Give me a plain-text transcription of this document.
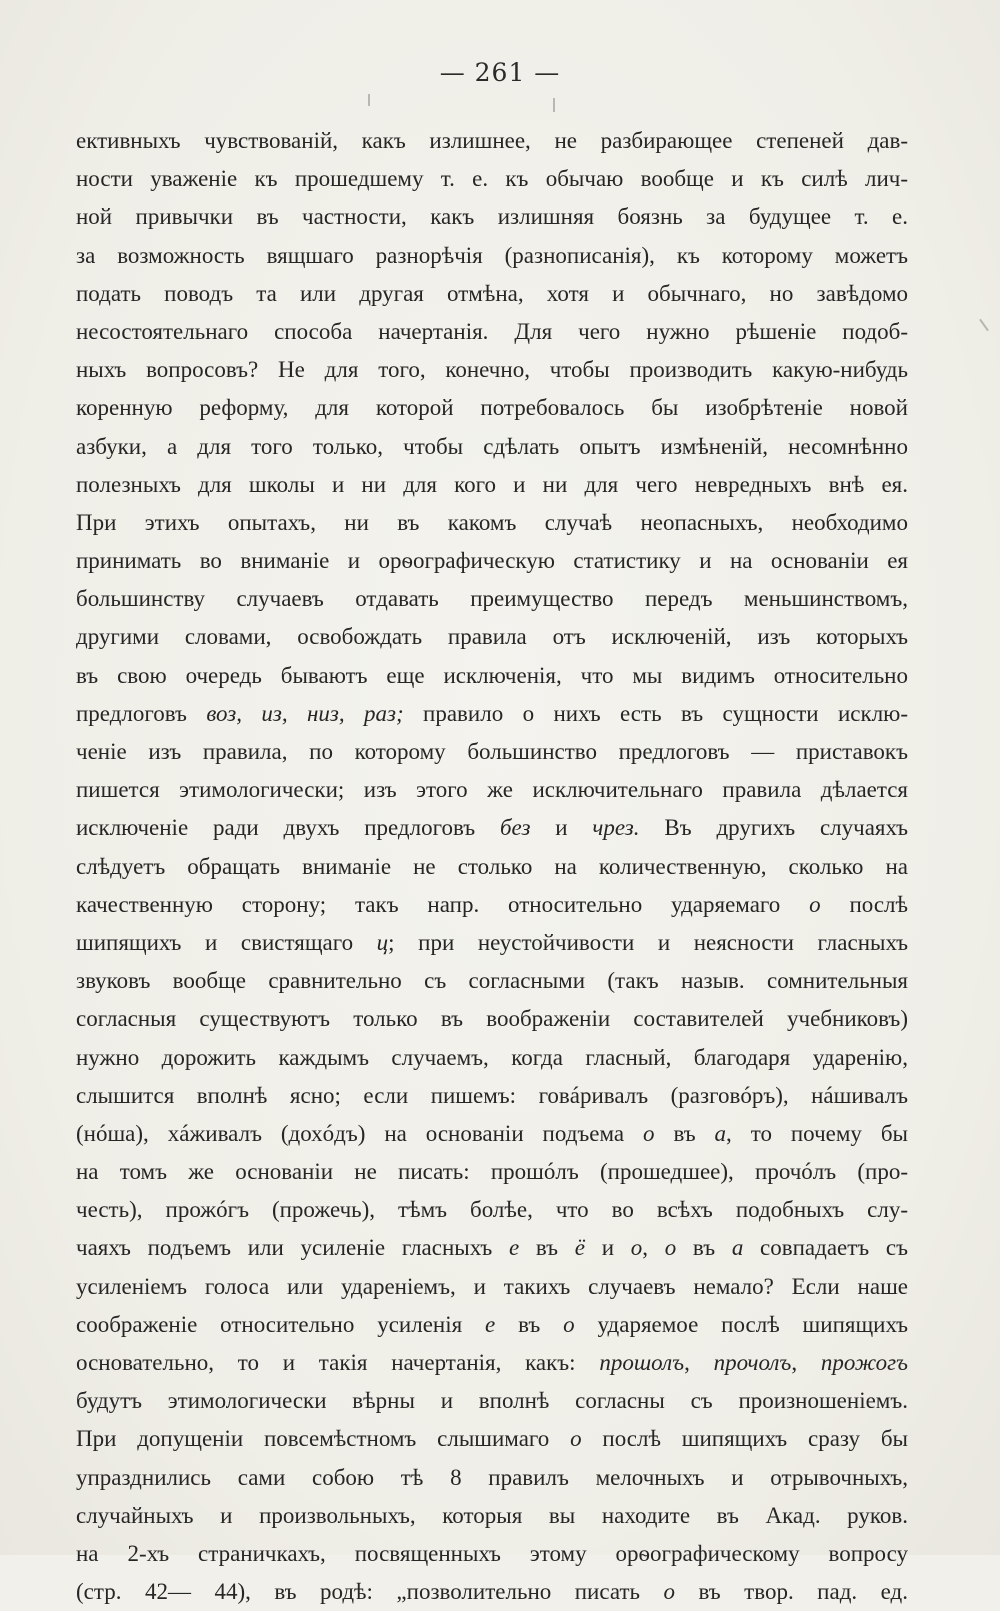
— 261 —
ективныхъ чувствованiй, какъ излишнее, не разбирающее степеней дав-
ности уваженiе къ прошедшему т. е. къ обычаю вообще и къ силѣ лич-
ной привычки въ частности, какъ излишняя боязнь за будущее т. е.
за возможность вящшаго разнорѣчiя (разнописанiя), къ которому можетъ
подать поводъ та или другая отмѣна, хотя и обычнаго, но завѣдомо
несостоятельнаго способа начертанiя. Для чего нужно рѣшенiе подоб-
ныхъ вопросовъ? Не для того, конечно, чтобы производить какую-нибудь
коренную реформу, для которой потребовалось бы изобрѣтенiе новой
азбуки, а для того только, чтобы сдѣлать опытъ измѣненiй, несомнѣнно
полезныхъ для школы и ни для кого и ни для чего невредныхъ внѣ ея.
При этихъ опытахъ, ни въ какомъ случаѣ неопасныхъ, необходимо
принимать во вниманiе и орѳографическую статистику и на основанiи ея
большинству случаевъ отдавать преимущество передъ меньшинствомъ,
другими словами, освобождать правила отъ исключенiй, изъ которыхъ
въ свою очередь бываютъ еще исключенiя, что мы видимъ относительно
предлоговъ воз, из, низ, раз; правило о нихъ есть въ сущности исклю-
ченiе изъ правила, по которому большинство предлоговъ — приставокъ
пишется этимологически; изъ этого же исключительнаго правила дѣлается
исключенiе ради двухъ предлоговъ без и чрез. Въ другихъ случаяхъ
слѣдуетъ обращать вниманiе не столько на количественную, сколько на
качественную сторону; такъ напр. относительно ударяемаго о послѣ
шипящихъ и свистящаго ц; при неустойчивости и неясности гласныхъ
звуковъ вообще сравнительно съ согласными (такъ назыв. сомнительныя
согласныя существуютъ только въ воображенiи составителей учебниковъ)
нужно дорожить каждымъ случаемъ, когда гласный, благодаря ударенiю,
слышится вполнѣ ясно; если пишемъ: говáривалъ (разговóръ), нáшивалъ
(нóша), хáживалъ (дохóдъ) на основанiи подъема о въ а, то почему бы
на томъ же основанiи не писать: прошóлъ (прошедшее), прочóлъ (про-
честь), прожóгъ (прожечь), тѣмъ болѣе, что во всѣхъ подобныхъ слу-
чаяхъ подъемъ или усиленiе гласныхъ е въ ё и о, о въ а совпадаетъ съ
усиленiемъ голоса или ударенiемъ, и такихъ случаевъ немало? Если наше
соображенiе относительно усиленiя е въ о ударяемое послѣ шипящихъ
основательно, то и такiя начертанiя, какъ: прошолъ, прочолъ, прожогъ
будутъ этимологически вѣрны и вполнѣ согласны съ произношенiемъ.
При допущенiи повсемѣстномъ слышимаго о послѣ шипящихъ сразу бы
упразднились сами собою тѣ 8 правилъ мелочныхъ и отрывочныхъ,
случайныхъ и произвольныхъ, которыя вы находите въ Акад. руков.
на 2-хъ страничкахъ, посвященныхъ этому орѳографическому вопросу
(стр. 42— 44), въ родѣ: „позволительно писать о въ твор. пад. ед.
